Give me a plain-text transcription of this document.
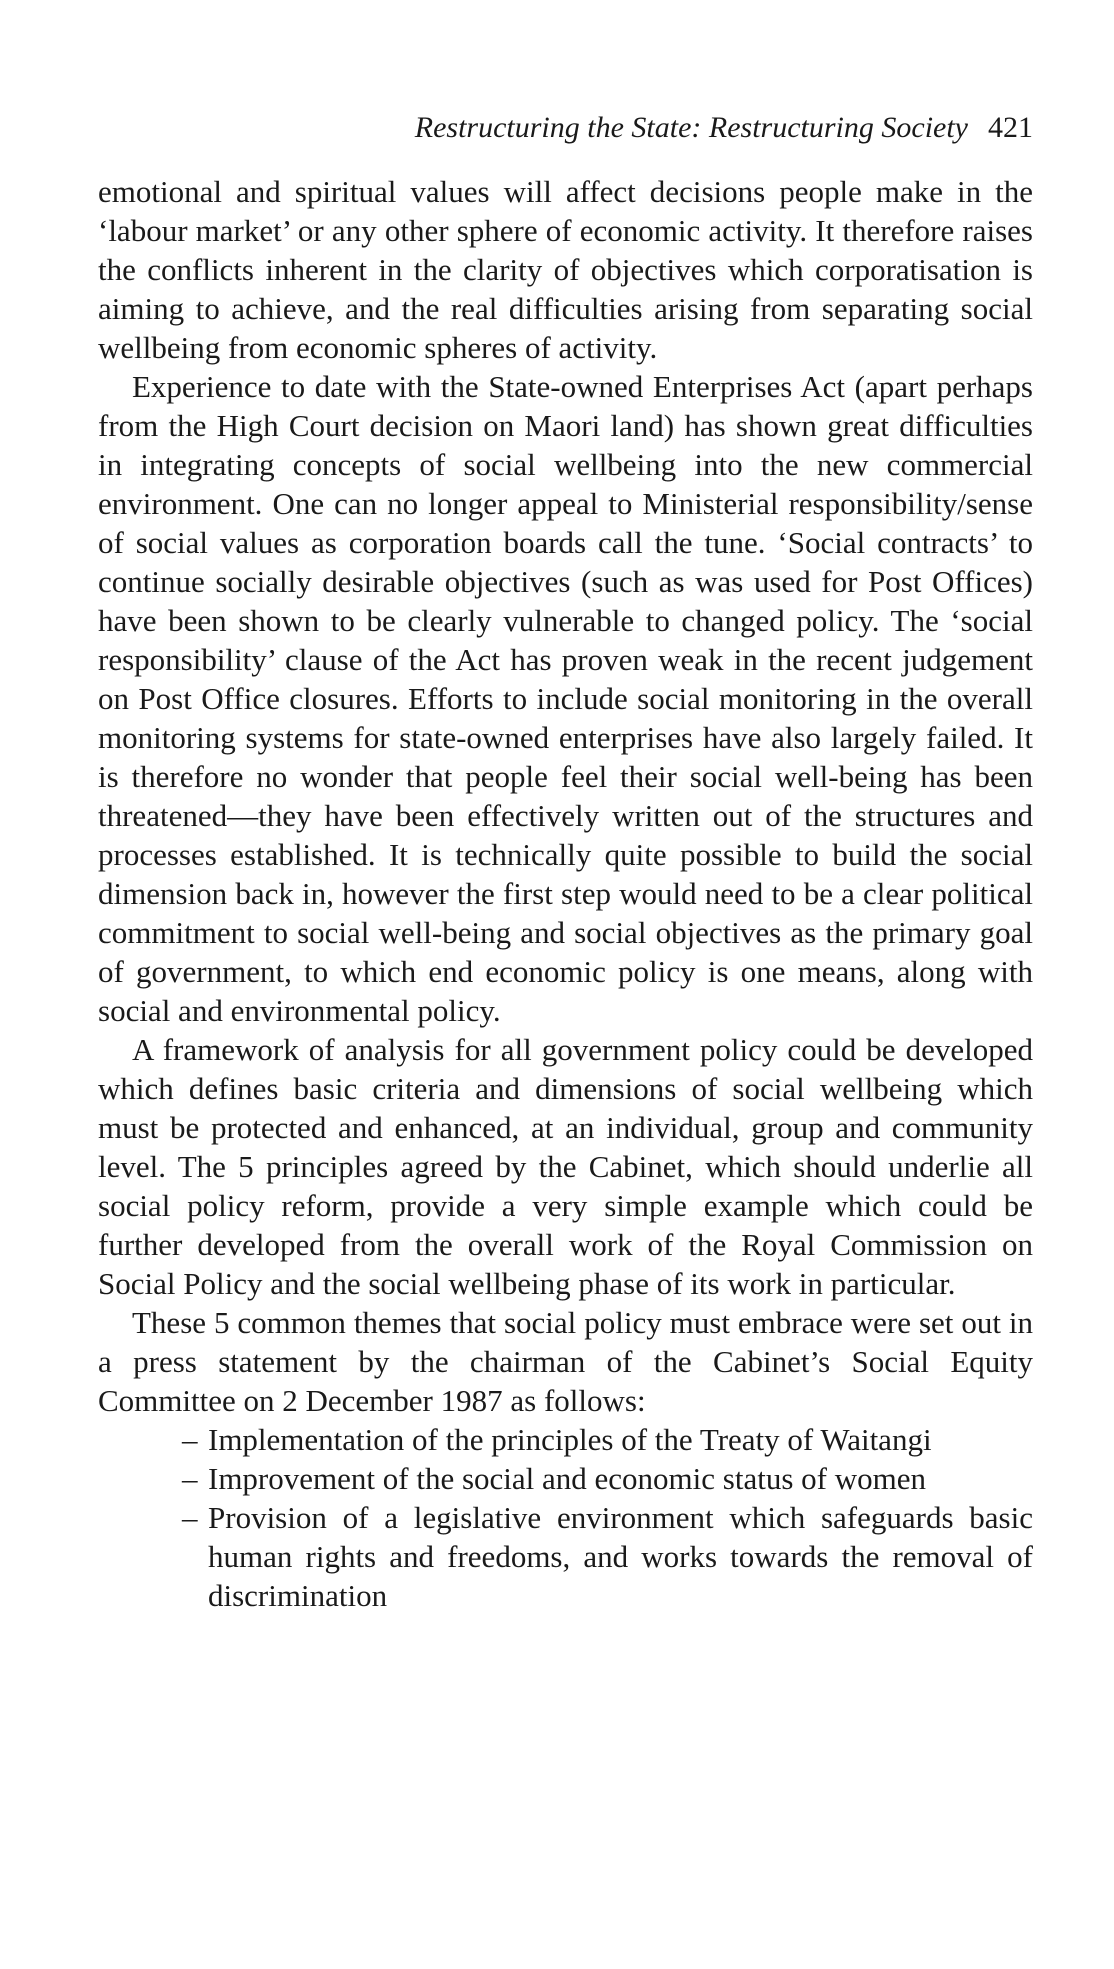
Restructuring the State: Restructuring Society 421

emotional and spiritual values will affect decisions people make in the ‘labour market’ or any other sphere of economic activity. It therefore raises the conflicts inherent in the clarity of objectives which corporatisation is aiming to achieve, and the real difficulties arising from separating social wellbeing from economic spheres of activity.

Experience to date with the State-owned Enterprises Act (apart perhaps from the High Court decision on Maori land) has shown great difficulties in integrating concepts of social wellbeing into the new commercial environment. One can no longer appeal to Ministerial responsibility/sense of social values as corporation boards call the tune. ‘Social contracts’ to continue socially desirable objectives (such as was used for Post Offices) have been shown to be clearly vulnerable to changed policy. The ‘social responsibility’ clause of the Act has proven weak in the recent judgement on Post Office closures. Efforts to include social monitoring in the overall monitoring systems for state-owned enterprises have also largely failed. It is therefore no wonder that people feel their social well-being has been threatened—they have been effectively written out of the structures and processes established. It is technically quite possible to build the social dimension back in, however the first step would need to be a clear political commitment to social well-being and social objectives as the primary goal of government, to which end economic policy is one means, along with social and environmental policy.

A framework of analysis for all government policy could be developed which defines basic criteria and dimensions of social wellbeing which must be protected and enhanced, at an individual, group and community level. The 5 principles agreed by the Cabinet, which should underlie all social policy reform, provide a very simple example which could be further developed from the overall work of the Royal Commission on Social Policy and the social wellbeing phase of its work in particular.

These 5 common themes that social policy must embrace were set out in a press statement by the chairman of the Cabinet’s Social Equity Committee on 2 December 1987 as follows:

– Implementation of the principles of the Treaty of Waitangi
– Improvement of the social and economic status of women
– Provision of a legislative environment which safeguards basic human rights and freedoms, and works towards the removal of discrimination
